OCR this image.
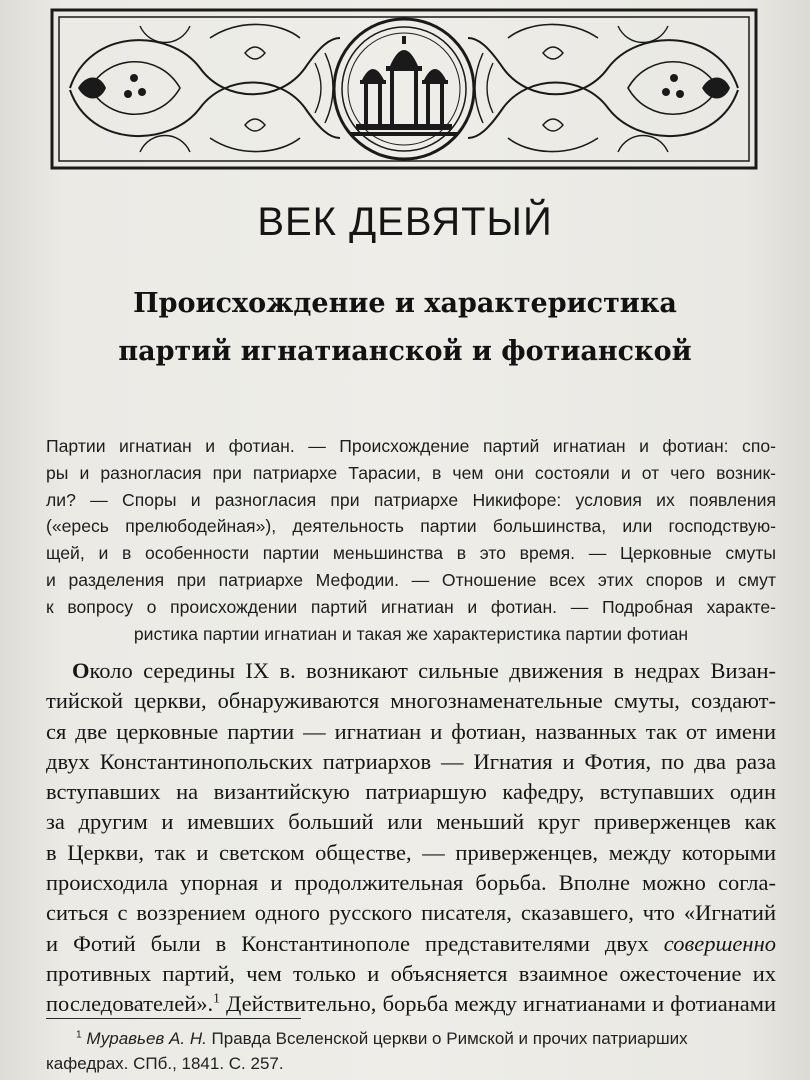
ВЕК ДЕВЯТЫЙ
Происхождение и характеристика
партий игнатианской и фотианской
Партии игнатиан и фотиан. — Происхождение партий игнатиан и фотиан: спо-
ры и разногласия при патриархе Тарасии, в чем они состояли и от чего возник-
ли? — Споры и разногласия при патриархе Никифоре: условия их появления
(«ересь прелюбодейная»), деятельность партии большинства, или господствую-
щей, и в особенности партии меньшинства в это время. — Церковные смуты
и разделения при патриархе Мефодии. — Отношение всех этих споров и смут
к вопросу о происхождении партий игнатиан и фотиан. — Подробная характе-
ристика партии игнатиан и такая же характеристика партии фотиан
Около середины IX в. возникают сильные движения в недрах Визан-
тийской церкви, обнаруживаются многознаменательные смуты, создают-
ся две церковные партии — игнатиан и фотиан, названных так от имени
двух Константинопольских патриархов — Игнатия и Фотия, по два раза
вступавших на византийскую патриаршую кафедру, вступавших один
за другим и имевших больший или меньший круг приверженцев как
в Церкви, так и светском обществе, — приверженцев, между которыми
происходила упорная и продолжительная борьба. Вполне можно согла-
ситься с воззрением одного русского писателя, сказавшего, что «Игнатий
и Фотий были в Константинополе представителями двух совершенно
противных партий, чем только и объясняется взаимное ожесточение их
последователей».$^1$ Действительно, борьба между игнатианами и фотианами
$^1$ Муравьев А. Н. Правда Вселенской церкви о Римской и прочих патриарших
кафедрах. СПб., 1841. С. 257.
